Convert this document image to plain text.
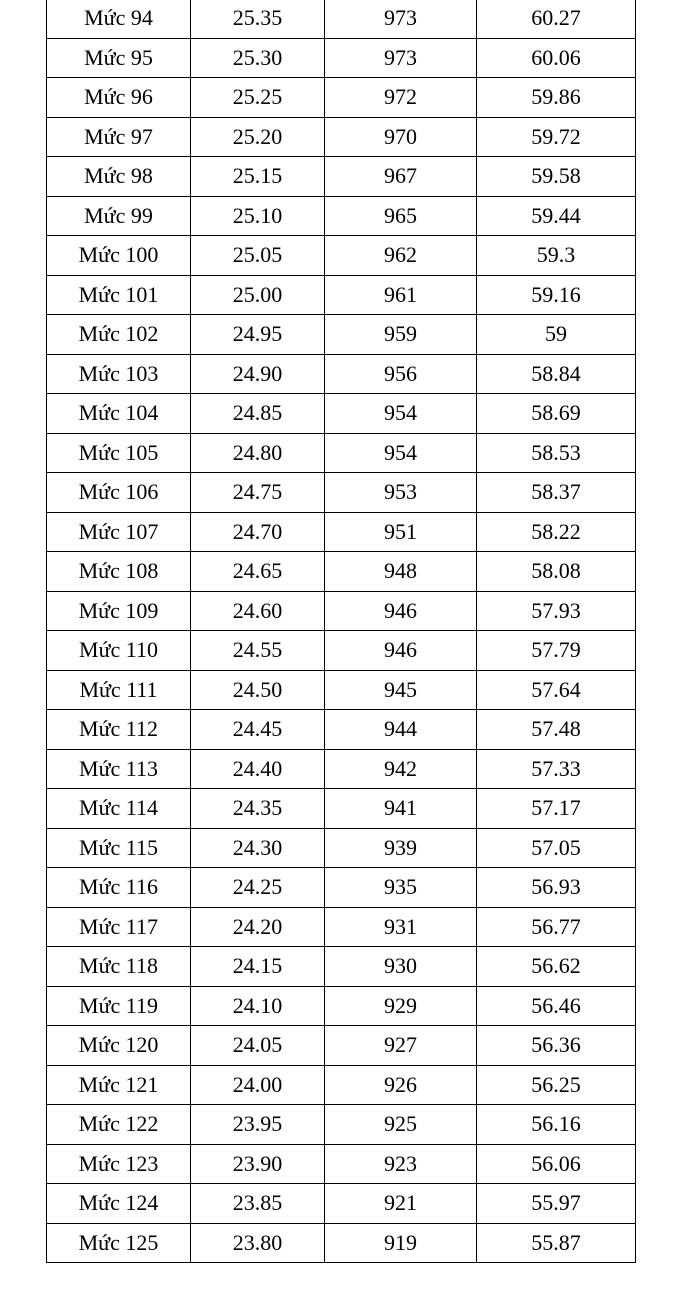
Mức 94	25.35	973	60.27
Mức 95	25.30	973	60.06
Mức 96	25.25	972	59.86
Mức 97	25.20	970	59.72
Mức 98	25.15	967	59.58
Mức 99	25.10	965	59.44
Mức 100	25.05	962	59.3
Mức 101	25.00	961	59.16
Mức 102	24.95	959	59
Mức 103	24.90	956	58.84
Mức 104	24.85	954	58.69
Mức 105	24.80	954	58.53
Mức 106	24.75	953	58.37
Mức 107	24.70	951	58.22
Mức 108	24.65	948	58.08
Mức 109	24.60	946	57.93
Mức 110	24.55	946	57.79
Mức 111	24.50	945	57.64
Mức 112	24.45	944	57.48
Mức 113	24.40	942	57.33
Mức 114	24.35	941	57.17
Mức 115	24.30	939	57.05
Mức 116	24.25	935	56.93
Mức 117	24.20	931	56.77
Mức 118	24.15	930	56.62
Mức 119	24.10	929	56.46
Mức 120	24.05	927	56.36
Mức 121	24.00	926	56.25
Mức 122	23.95	925	56.16
Mức 123	23.90	923	56.06
Mức 124	23.85	921	55.97
Mức 125	23.80	919	55.87
